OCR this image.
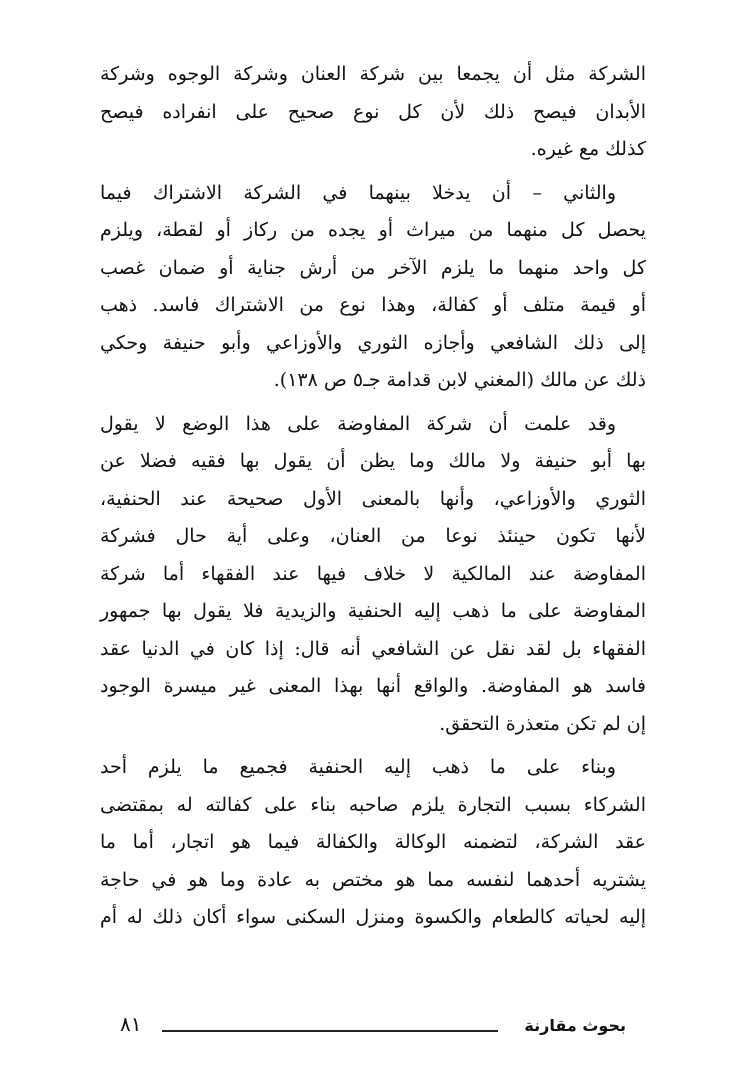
الشركة مثل أن يجمعا بين شركة العنان وشركة الوجوه وشركة
الأبدان فيصح ذلك لأن كل نوع صحيح على انفراده فيصح
كذلك مع غيره.
والثاني – أن يدخلا بينهما في الشركة الاشتراك فيما
يحصل كل منهما من ميراث أو يجده من ركاز أو لقطة، ويلزم
كل واحد منهما ما يلزم الآخر من أرش جناية أو ضمان غصب
أو قيمة متلف أو كفالة، وهذا نوع من الاشتراك فاسد. ذهب
إلى ذلك الشافعي وأجازه الثوري والأوزاعي وأبو حنيفة وحكي
ذلك عن مالك (المغني لابن قدامة جـ٥ ص ١٣٨).
وقد علمت أن شركة المفاوضة على هذا الوضع لا يقول
بها أبو حنيفة ولا مالك وما يظن أن يقول بها فقيه فضلا عن
الثوري والأوزاعي، وأنها بالمعنى الأول صحيحة عند الحنفية،
لأنها تكون حينئذ نوعا من العنان، وعلى أية حال فشركة
المفاوضة عند المالكية لا خلاف فيها عند الفقهاء أما شركة
المفاوضة على ما ذهب إليه الحنفية والزيدية فلا يقول بها جمهور
الفقهاء بل لقد نقل عن الشافعي أنه قال: إذا كان في الدنيا عقد
فاسد هو المفاوضة. والواقع أنها بهذا المعنى غير ميسرة الوجود
إن لم تكن متعذرة التحقق.
وبناء على ما ذهب إليه الحنفية فجميع ما يلزم أحد
الشركاء بسبب التجارة يلزم صاحبه بناء على كفالته له بمقتضى
عقد الشركة، لتضمنه الوكالة والكفالة فيما هو اتجار، أما ما
يشتريه أحدهما لنفسه مما هو مختص به عادة وما هو في حاجة
إليه لحياته كالطعام والكسوة ومنزل السكنى سواء أكان ذلك له أم
٨١	بحوث مقارنة
